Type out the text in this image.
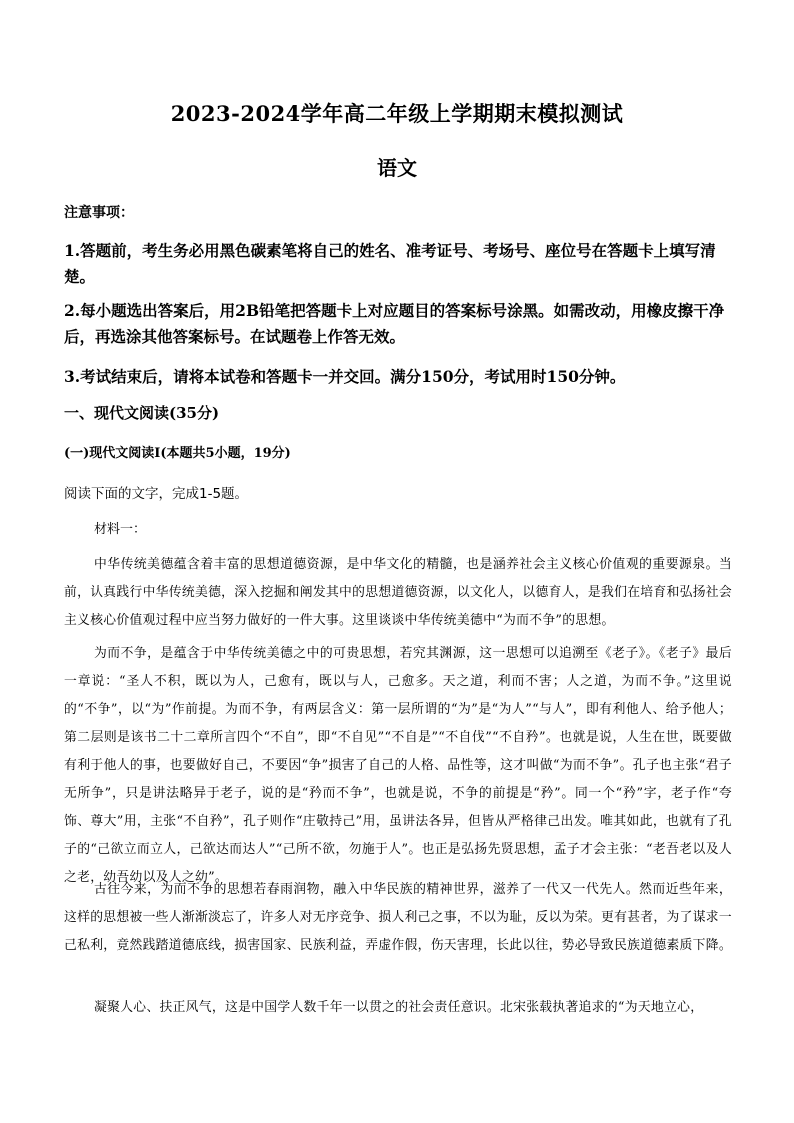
2023-2024学年高二年级上学期期末模拟测试
语文
注意事项：
1.答题前，考生务必用黑色碳素笔将自己的姓名、准考证号、考场号、座位号在答题卡上填写清楚。
2.每小题选出答案后，用2B铅笔把答题卡上对应题目的答案标号涂黑。如需改动，用橡皮擦干净后，再选涂其他答案标号。在试题卷上作答无效。
3.考试结束后，请将本试卷和答题卡一并交回。满分150分，考试用时150分钟。
一、现代文阅读(35分)
(一)现代文阅读Ⅰ(本题共5小题，19分)
阅读下面的文字，完成1-5题。
材料一：
中华传统美德蕴含着丰富的思想道德资源，是中华文化的精髓，也是涵养社会主义核心价值观的重要源泉。当前，认真践行中华传统美德，深入挖掘和阐发其中的思想道德资源，以文化人，以德育人，是我们在培育和弘扬社会主义核心价值观过程中应当努力做好的一件大事。这里谈谈中华传统美德中“为而不争”的思想。
为而不争，是蕴含于中华传统美德之中的可贵思想，若究其渊源，这一思想可以追溯至《老子》。《老子》最后一章说：“圣人不积，既以为人，己愈有，既以与人，己愈多。天之道，利而不害；人之道，为而不争。”这里说的“不争”，以“为”作前提。为而不争，有两层含义：第一层所谓的“为”是“为人”“与人”，即有利他人、给予他人；第二层则是该书二十二章所言四个“不自”，即“不自见”“不自是”“不自伐”“不自矜”。也就是说，人生在世，既要做有利于他人的事，也要做好自己，不要因“争”损害了自己的人格、品性等，这才叫做“为而不争”。孔子也主张“君子无所争”，只是讲法略异于老子，说的是“矜而不争”，也就是说，不争的前提是“矜”。同一个“矜”字，老子作“夸饰、尊大”用，主张“不自矜”，孔子则作“庄敬持己”用，虽讲法各异，但皆从严格律己出发。唯其如此，也就有了孔子的“己欲立而立人，己欲达而达人”“己所不欲，勿施于人”。也正是弘扬先贤思想，孟子才会主张：“老吾老以及人之老，幼吾幼以及人之幼”。
古往今来，为而不争的思想若春雨润物，融入中华民族的精神世界，滋养了一代又一代先人。然而近些年来，这样的思想被一些人渐渐淡忘了，许多人对无序竞争、损人利己之事，不以为耻，反以为荣。更有甚者，为了谋求一己私利，竟然践踏道德底线，损害国家、民族利益，弄虚作假，伤天害理，长此以往，势必导致民族道德素质下降。
凝聚人心、扶正风气，这是中国学人数千年一以贯之的社会责任意识。北宋张载执著追求的“为天地立心，
